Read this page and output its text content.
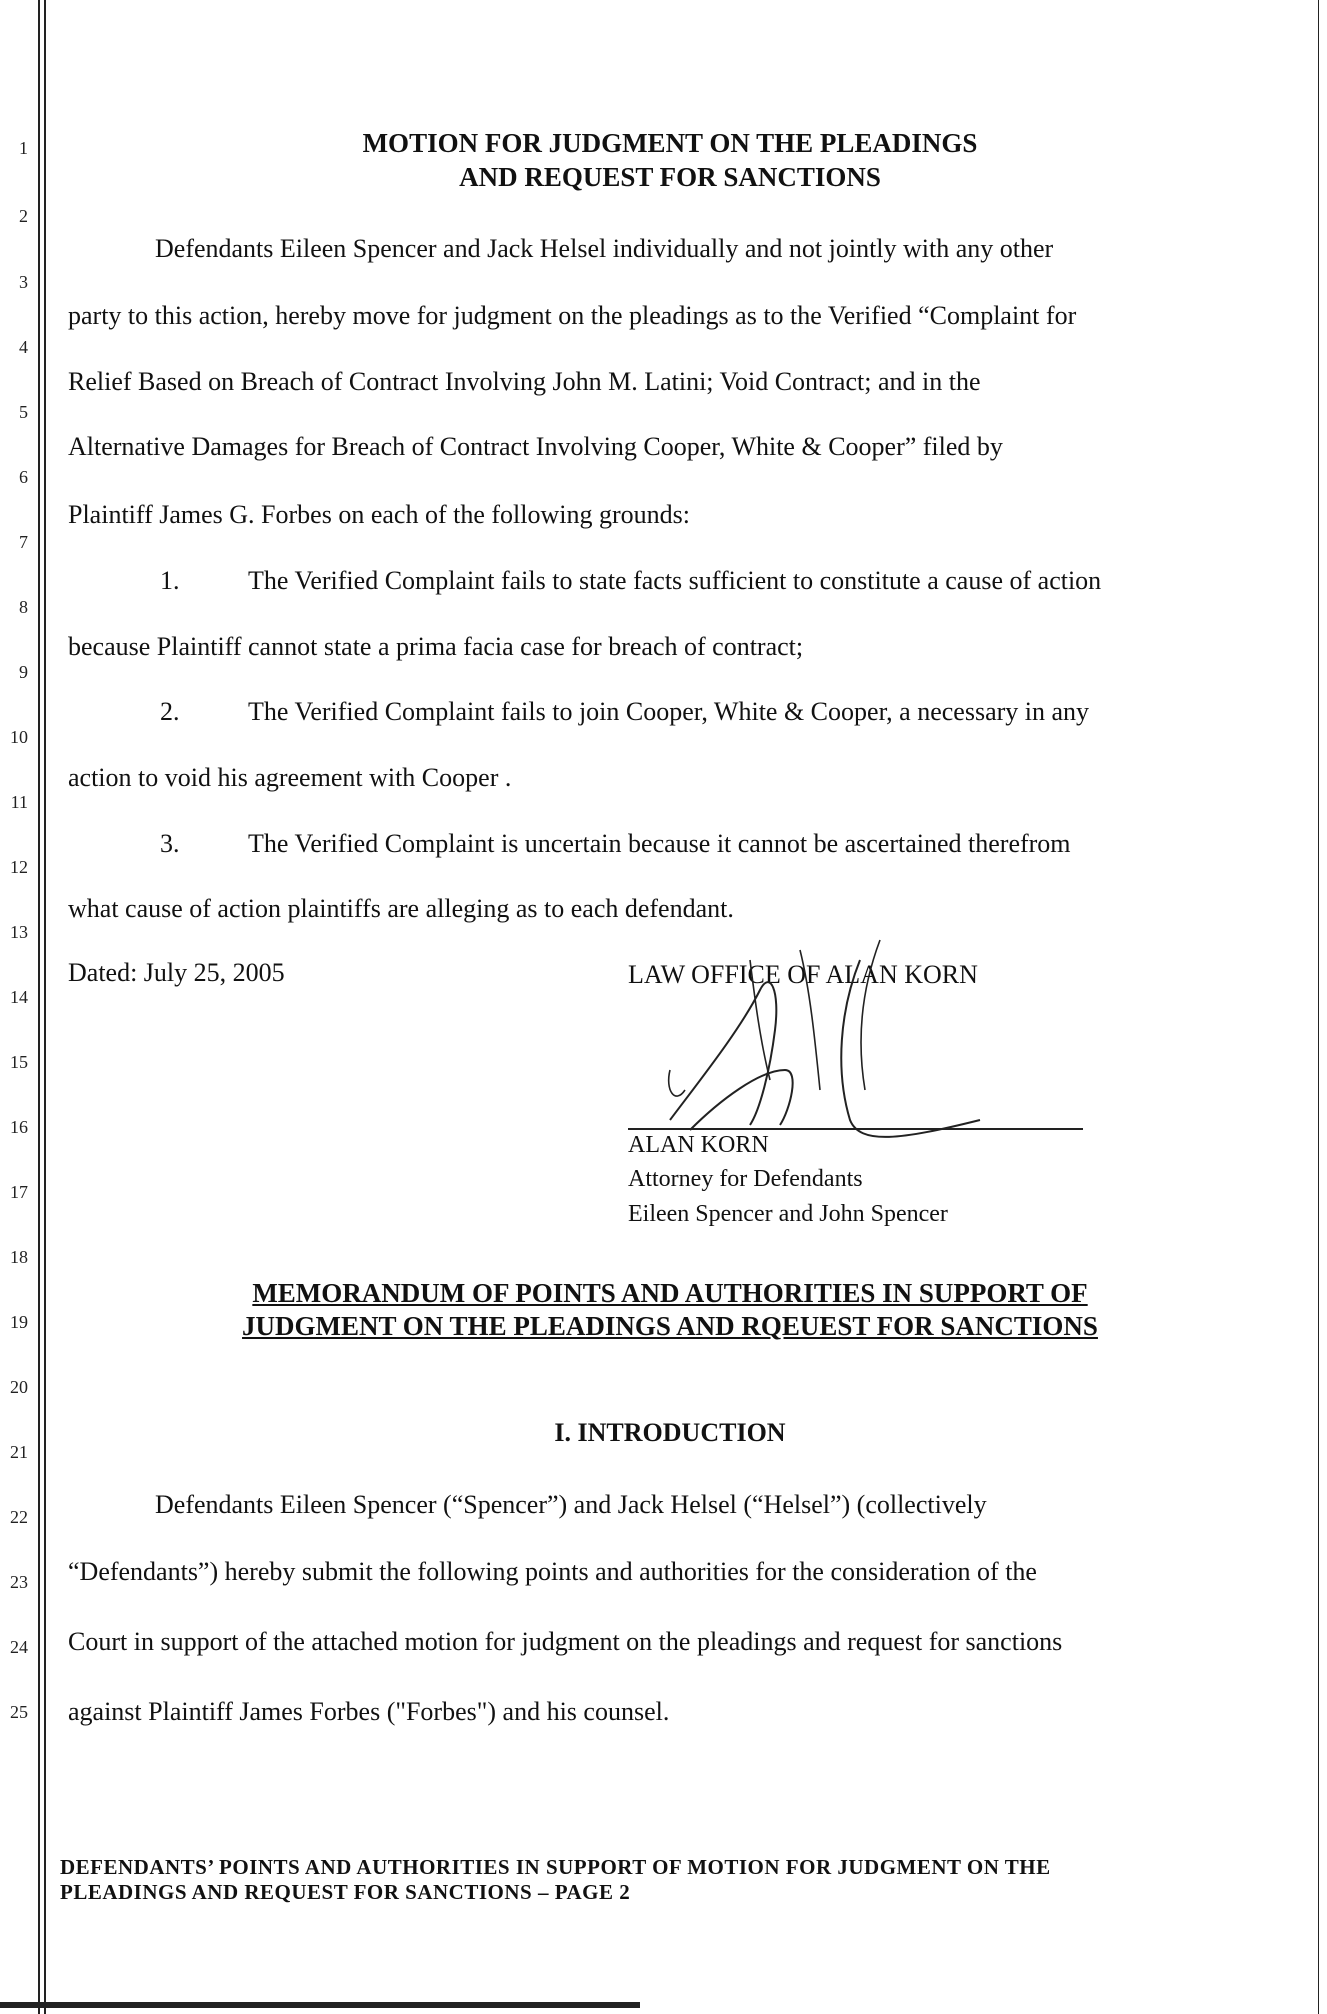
1
2
3
4
5
6
7
8
9
10
11
12
13
14
15
16
17
18
19
20
21
22
23
24
25
MOTION FOR JUDGMENT ON THE PLEADINGS
AND REQUEST FOR SANCTIONS
Defendants Eileen Spencer and Jack Helsel individually and not jointly with any other
party to this action, hereby move for judgment on the pleadings as to the Verified “Complaint for
Relief Based on Breach of Contract Involving John M. Latini; Void Contract; and in the
Alternative Damages for Breach of Contract Involving Cooper, White & Cooper” filed by
Plaintiff James G. Forbes on each of the following grounds:
1.	The Verified Complaint fails to state facts sufficient to constitute a cause of action
because Plaintiff cannot state a prima facia case for breach of contract;
2.	The Verified Complaint fails to join Cooper, White & Cooper, a necessary in any
action to void his agreement with Cooper .
3.	The Verified Complaint is uncertain because it cannot be ascertained therefrom
what cause of action plaintiffs are alleging as to each defendant.
Dated: July 25, 2005	LAW OFFICE OF ALAN KORN
ALAN KORN
Attorney for Defendants
Eileen Spencer and John Spencer
MEMORANDUM OF POINTS AND AUTHORITIES IN SUPPORT OF
JUDGMENT ON THE PLEADINGS AND RQEUEST FOR SANCTIONS
I. INTRODUCTION
Defendants Eileen Spencer (“Spencer”) and Jack Helsel (“Helsel”) (collectively
“Defendants”) hereby submit the following points and authorities for the consideration of the
Court in support of the attached motion for judgment on the pleadings and request for sanctions
against Plaintiff James Forbes ("Forbes") and his counsel.
DEFENDANTS’ POINTS AND AUTHORITIES IN SUPPORT OF MOTION FOR JUDGMENT ON THE
PLEADINGS AND REQUEST FOR SANCTIONS – PAGE 2
